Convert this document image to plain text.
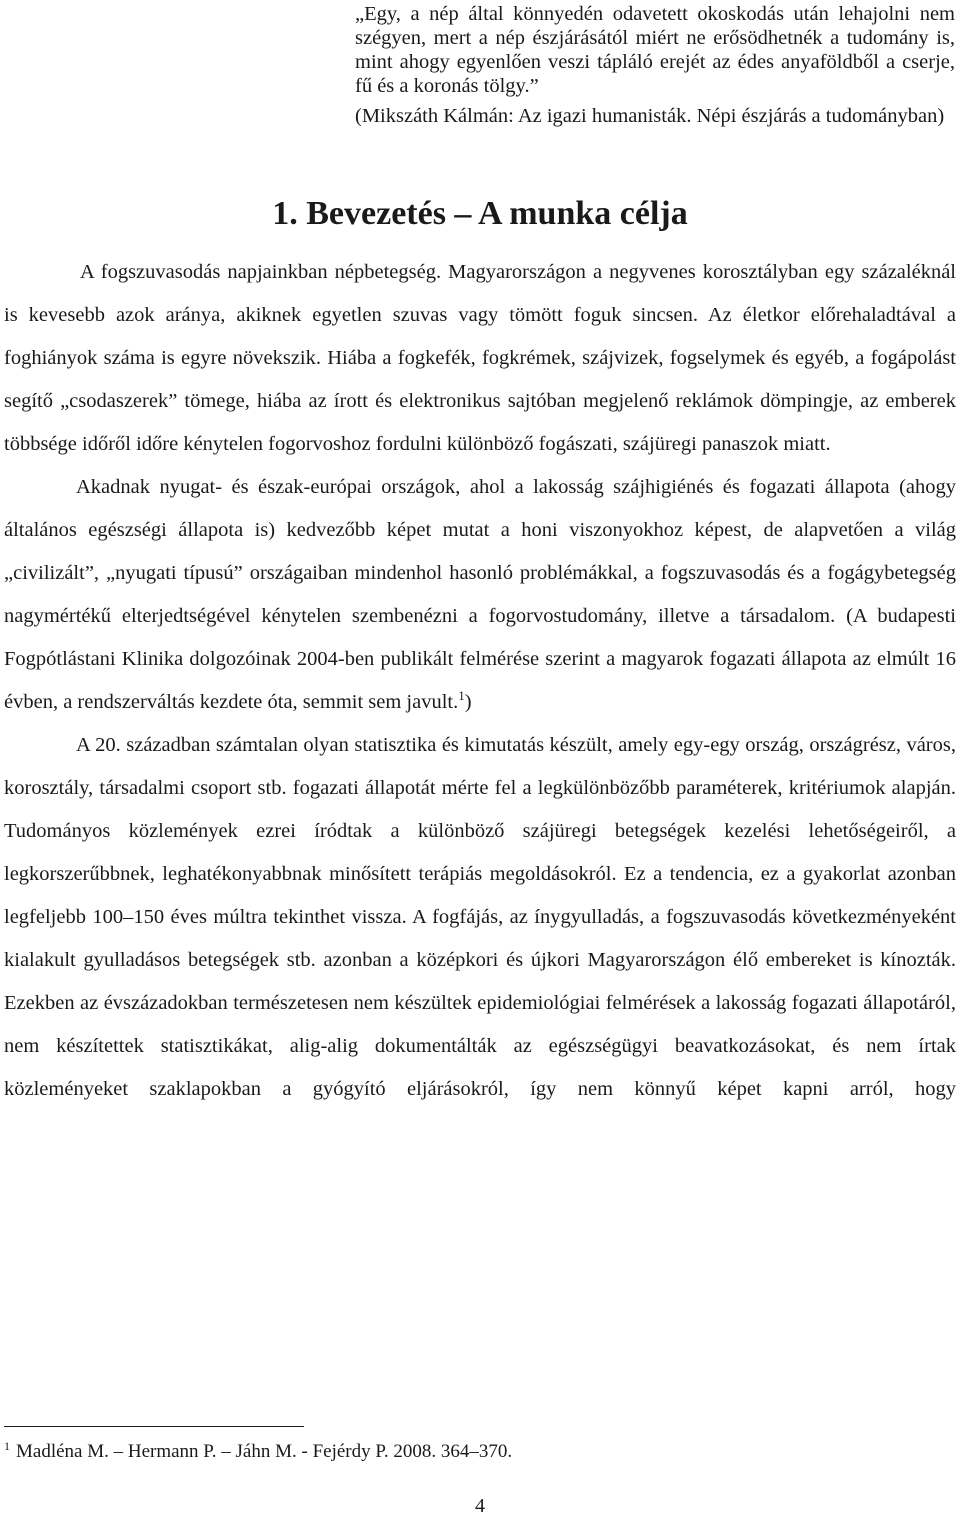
„Egy, a nép által könnyedén odavetett okoskodás után lehajolni nem
szégyen, mert a nép észjárásától miért ne erősödhetnék a tudomány is,
mint ahogy egyenlően veszi tápláló erejét az édes anyaföldből a cserje,
fű és a koronás tölgy.”
(Mikszáth Kálmán: Az igazi humanisták. Népi észjárás a tudományban)
1. Bevezetés – A munka célja

A fogszuvasodás napjainkban népbetegség. Magyarországon a negyvenes korosztályban egy százaléknál is kevesebb azok aránya, akiknek egyetlen szuvas vagy tömött foguk sincsen. Az életkor előrehaladtával a foghiányok száma is egyre növekszik. Hiába a fogkefék, fogkrémek, szájvizek, fogselymek és egyéb, a fogápolást segítő „csodaszerek” tömege, hiába az írott és elektronikus sajtóban megjelenő reklámok dömpingje, az emberek többsége időről időre kénytelen fogorvoshoz fordulni különböző fogászati, szájüregi panaszok miatt.

Akadnak nyugat- és észak-európai országok, ahol a lakosság szájhigiénés és fogazati állapota (ahogy általános egészségi állapota is) kedvezőbb képet mutat a honi viszonyokhoz képest, de alapvetően a világ „civilizált”, „nyugati típusú” országaiban mindenhol hasonló problémákkal, a fogszuvasodás és a fogágybetegség nagymértékű elterjedtségével kénytelen szembenézni a fogorvostudomány, illetve a társadalom. (A budapesti Fogpótlástani Klinika dolgozóinak 2004-ben publikált felmérése szerint a magyarok fogazati állapota az elmúlt 16 évben, a rendszerváltás kezdete óta, semmit sem javult.$^1$)

A 20. században számtalan olyan statisztika és kimutatás készült, amely egy-egy ország, országrész, város, korosztály, társadalmi csoport stb. fogazati állapotát mérte fel a legkülönbözőbb paraméterek, kritériumok alapján. Tudományos közlemények ezrei íródtak a különböző szájüregi betegségek kezelési lehetőségeiről, a legkorszerűbbnek, leghatékonyabbnak minősített terápiás megoldásokról. Ez a tendencia, ez a gyakorlat azonban legfeljebb 100–150 éves múltra tekinthet vissza. A fogfájás, az ínygyulladás, a fogszuvasodás következményeként kialakult gyulladásos betegségek stb. azonban a középkori és újkori Magyarországon élő embereket is kínozták. Ezekben az évszázadokban természetesen nem készültek epidemiológiai felmérések a lakosság fogazati állapotáról, nem készítettek statisztikákat, alig-alig dokumentálták az egészségügyi beavatkozásokat, és nem írtak közleményeket szaklapokban a gyógyító eljárásokról, így nem könnyű képet kapni arról, hogy

$^1$ Madléna M. – Hermann P. – Jáhn M. - Fejérdy P. 2008. 364–370.
4
